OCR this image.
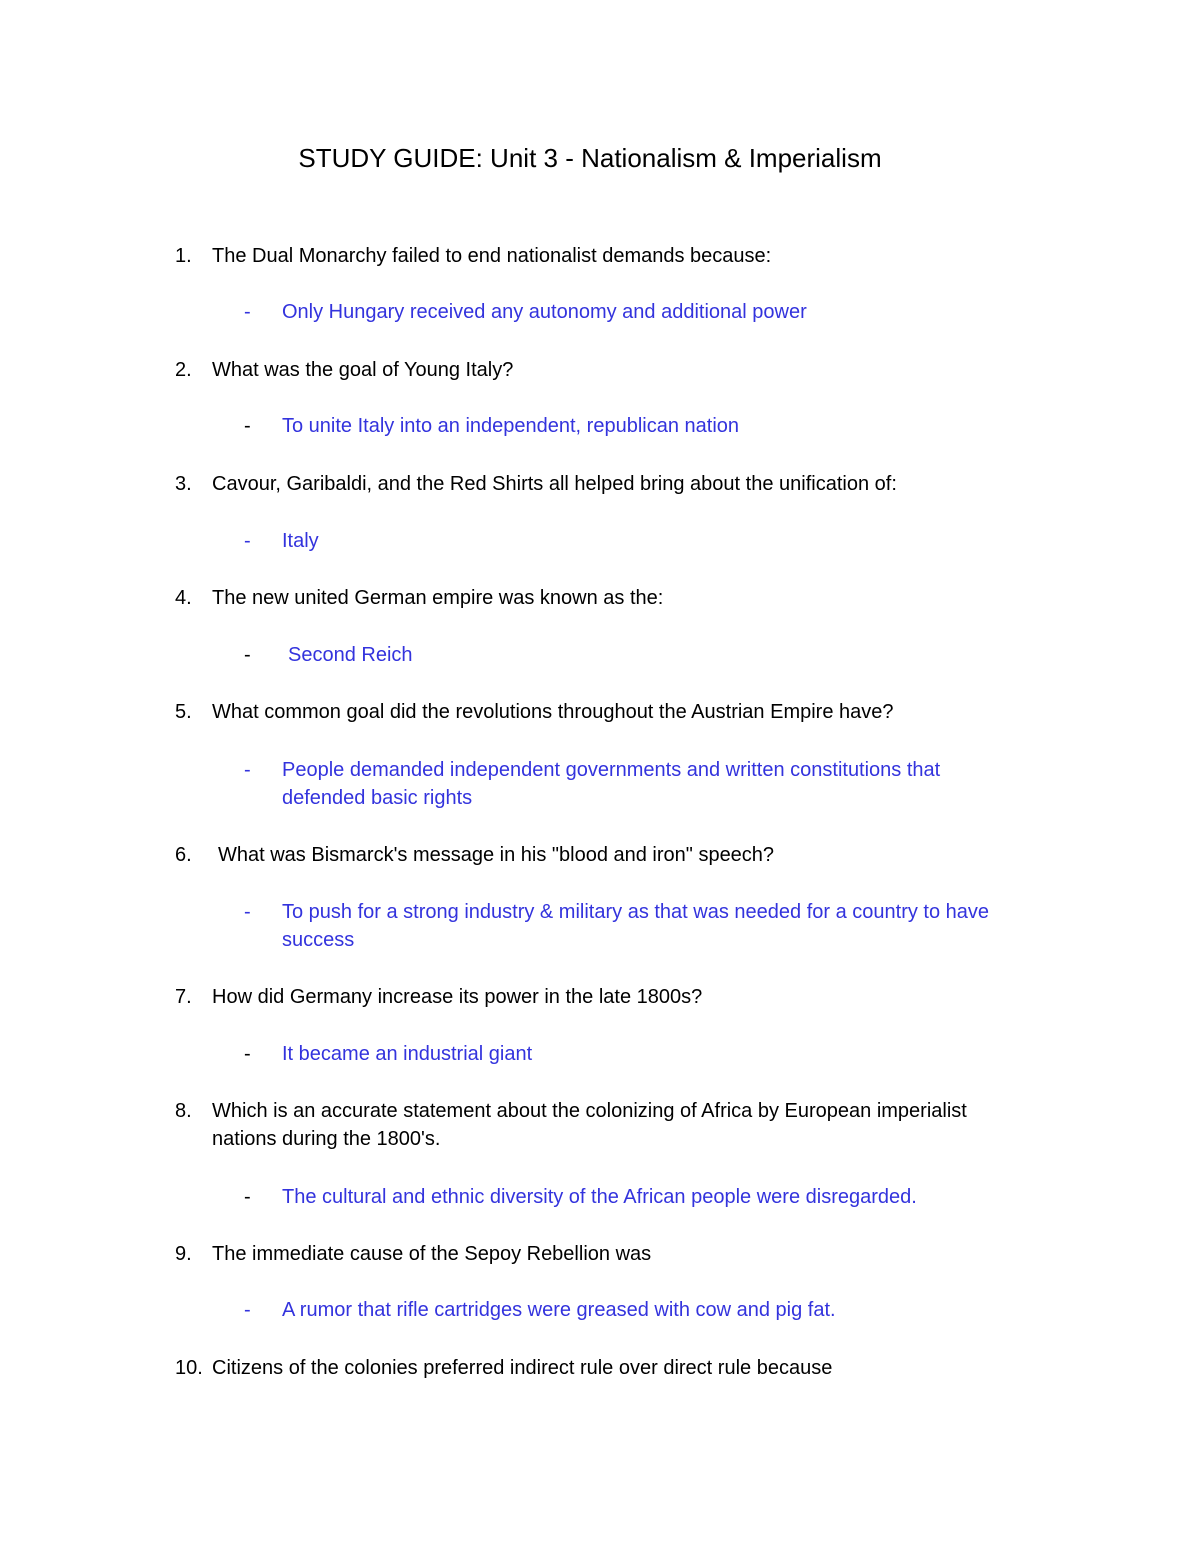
STUDY GUIDE: Unit 3 - Nationalism & Imperialism
1.	The Dual Monarchy failed to end nationalist demands because:
- Only Hungary received any autonomy and additional power
2.	What was the goal of Young Italy?
- To unite Italy into an independent, republican nation
3.	Cavour, Garibaldi, and the Red Shirts all helped bring about the unification of:
- Italy
4.	The new united German empire was known as the:
- Second Reich
5.	What common goal did the revolutions throughout the Austrian Empire have?
- People demanded independent governments and written constitutions that
defended basic rights
6.	What was Bismarck's message in his "blood and iron" speech?
- To push for a strong industry & military as that was needed for a country to have
success
7.	How did Germany increase its power in the late 1800s?
- It became an industrial giant
8.	Which is an accurate statement about the colonizing of Africa by European imperialist
nations during the 1800's.
- The cultural and ethnic diversity of the African people were disregarded.
9.	The immediate cause of the Sepoy Rebellion was
- A rumor that rifle cartridges were greased with cow and pig fat.
10. Citizens of the colonies preferred indirect rule over direct rule because
